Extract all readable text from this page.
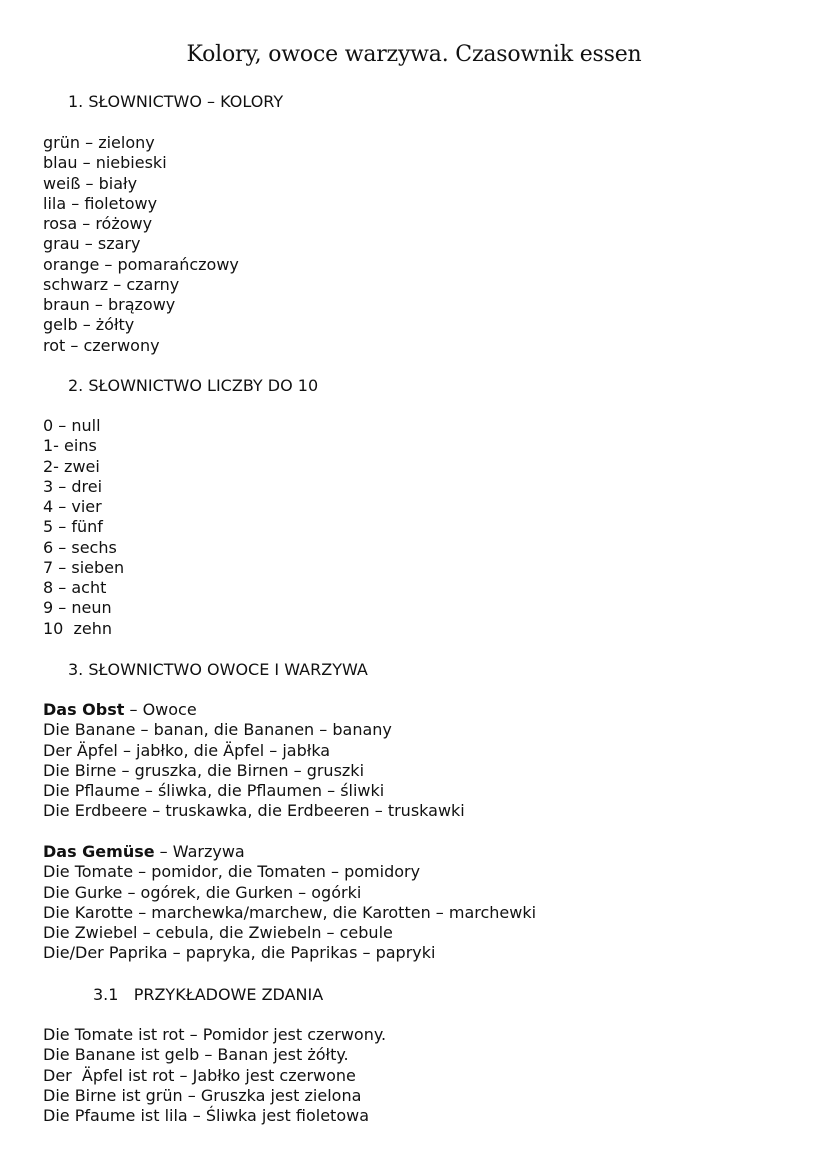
Kolory, owoce warzywa. Czasownik essen
1. SŁOWNICTWO – KOLORY
grün – zielony
blau – niebieski
weiß – biały
lila – fioletowy
rosa – różowy
grau – szary
orange – pomarańczowy
schwarz – czarny
braun – brązowy
gelb – żółty
rot – czerwony
2. SŁOWNICTWO LICZBY DO 10
0 – null
1- eins
2- zwei
3 – drei
4 – vier
5 – fünf
6 – sechs
7 – sieben
8 – acht
9 – neun
10  zehn
3. SŁOWNICTWO OWOCE I WARZYWA
Das Obst – Owoce
Die Banane – banan, die Bananen – banany
Der Äpfel – jabłko, die Äpfel – jabłka
Die Birne – gruszka, die Birnen – gruszki
Die Pflaume – śliwka, die Pflaumen – śliwki
Die Erdbeere – truskawka, die Erdbeeren – truskawki
Das Gemüse – Warzywa
Die Tomate – pomidor, die Tomaten – pomidory
Die Gurke – ogórek, die Gurken – ogórki
Die Karotte – marchewka/marchew, die Karotten – marchewki
Die Zwiebel – cebula, die Zwiebeln – cebule
Die/Der Paprika – papryka, die Paprikas – papryki
3.1   PRZYKŁADOWE ZDANIA
Die Tomate ist rot – Pomidor jest czerwony.
Die Banane ist gelb – Banan jest żółty.
Der  Äpfel ist rot – Jabłko jest czerwone
Die Birne ist grün – Gruszka jest zielona
Die Pfaume ist lila – Śliwka jest fioletowa
